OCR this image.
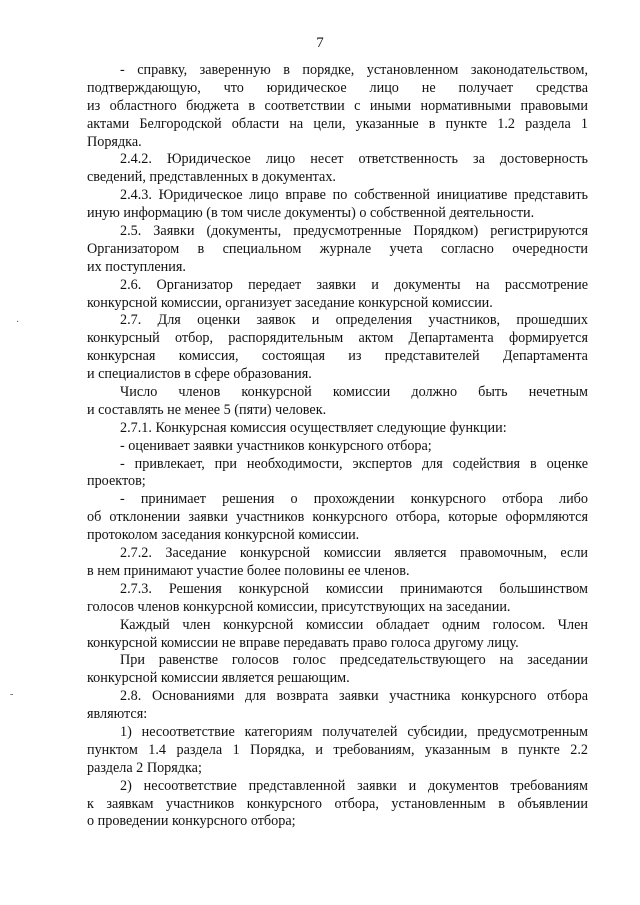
7
- справку, заверенную в порядке, установленном законодательством,
подтверждающую, что юридическое лицо не получает средства
из областного бюджета в соответствии с иными нормативными правовыми
актами Белгородской области на цели, указанные в пункте 1.2 раздела 1
Порядка.
2.4.2. Юридическое лицо несет ответственность за достоверность
сведений, представленных в документах.
2.4.3. Юридическое лицо вправе по собственной инициативе представить
иную информацию (в том числе документы) о собственной деятельности.
2.5. Заявки (документы, предусмотренные Порядком) регистрируются
Организатором в специальном журнале учета согласно очередности
их поступления.
2.6. Организатор передает заявки и документы на рассмотрение
конкурсной комиссии, организует заседание конкурсной комиссии.
2.7. Для оценки заявок и определения участников, прошедших
конкурсный отбор, распорядительным актом Департамента формируется
конкурсная комиссия, состоящая из представителей Департамента
и специалистов в сфере образования.
Число членов конкурсной комиссии должно быть нечетным
и составлять не менее 5 (пяти) человек.
2.7.1. Конкурсная комиссия осуществляет следующие функции:
- оценивает заявки участников конкурсного отбора;
- привлекает, при необходимости, экспертов для содействия в оценке
проектов;
- принимает решения о прохождении конкурсного отбора либо
об отклонении заявки участников конкурсного отбора, которые оформляются
протоколом заседания конкурсной комиссии.
2.7.2. Заседание конкурсной комиссии является правомочным, если
в нем принимают участие более половины ее членов.
2.7.3. Решения конкурсной комиссии принимаются большинством
голосов членов конкурсной комиссии, присутствующих на заседании.
Каждый член конкурсной комиссии обладает одним голосом. Член
конкурсной комиссии не вправе передавать право голоса другому лицу.
При равенстве голосов голос председательствующего на заседании
конкурсной комиссии является решающим.
2.8. Основаниями для возврата заявки участника конкурсного отбора
являются:
1) несоответствие категориям получателей субсидии, предусмотренным
пунктом 1.4 раздела 1 Порядка, и требованиям, указанным в пункте 2.2
раздела 2 Порядка;
2) несоответствие представленной заявки и документов требованиям
к заявкам участников конкурсного отбора, установленным в объявлении
о проведении конкурсного отбора;
·
-
